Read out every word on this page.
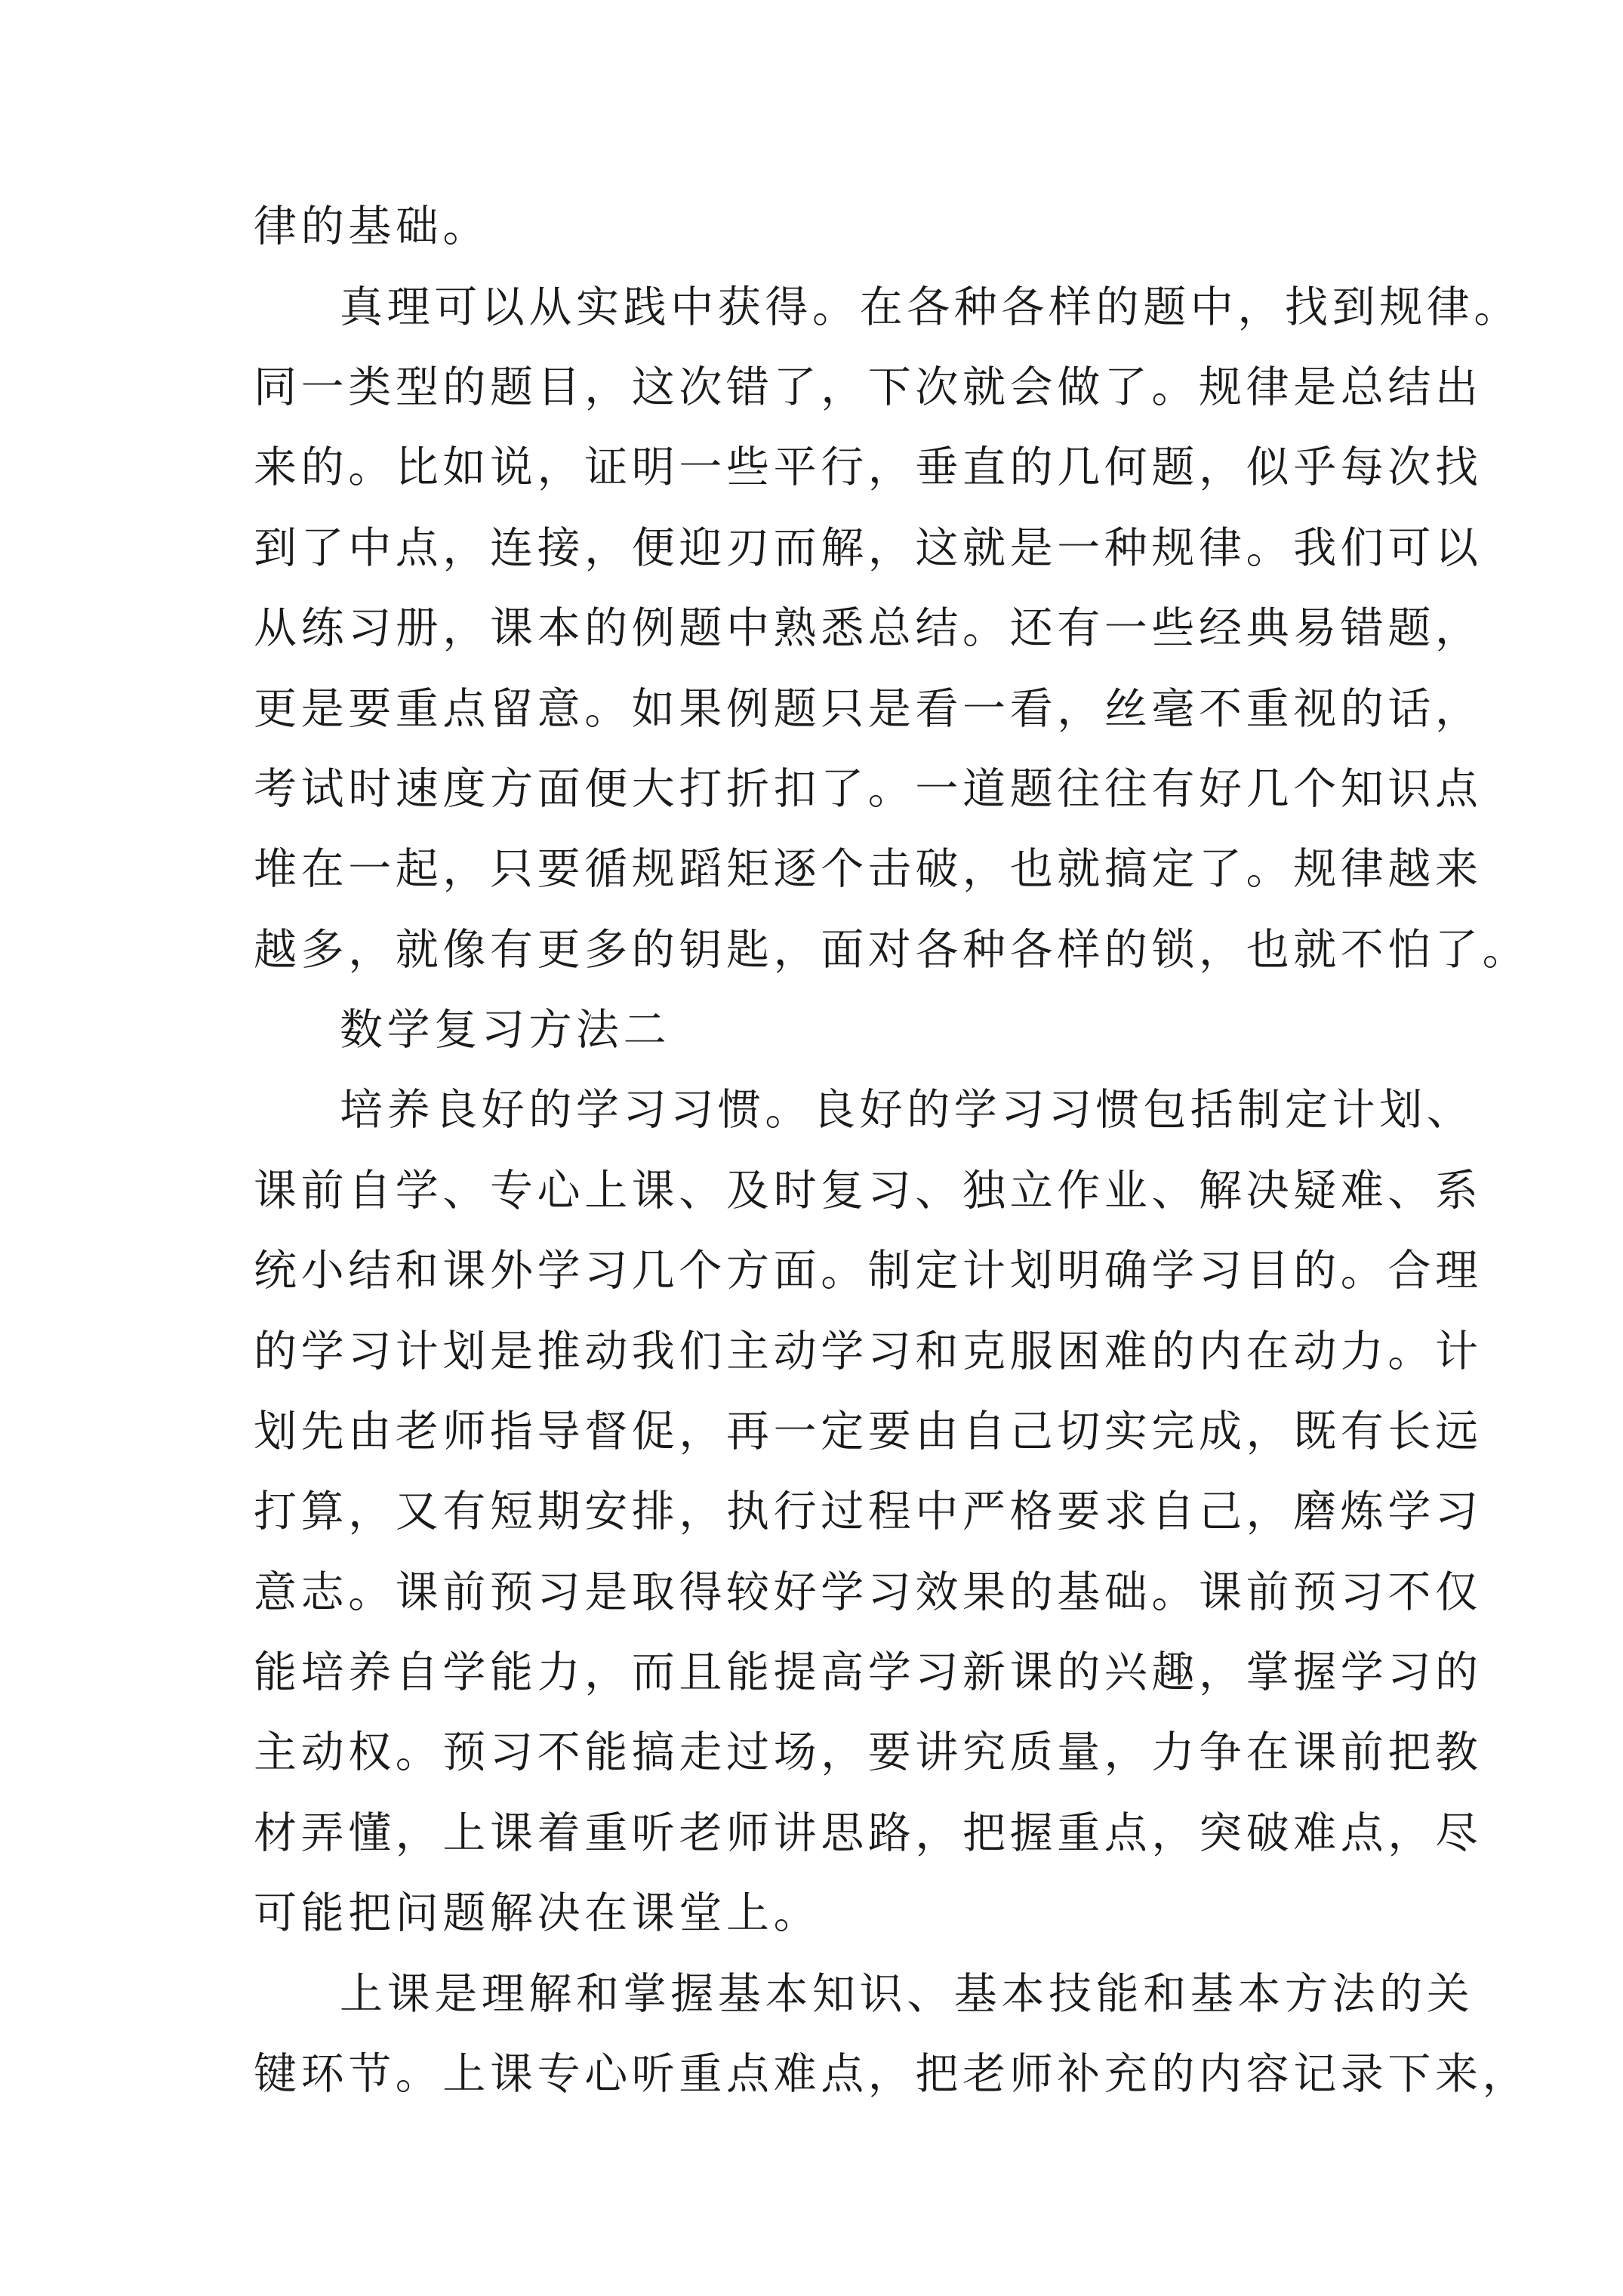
律的基础。
真理可以从实践中获得。在各种各样的题中，找到规律。
同一类型的题目，这次错了，下次就会做了。规律是总结出
来的。比如说，证明一些平行，垂直的几何题，似乎每次找
到了中点，连接，便迎刃而解，这就是一种规律。我们可以
从练习册，课本的例题中熟悉总结。还有一些经典易错题，
更是要重点留意。如果例题只是看一看，丝毫不重视的话，
考试时速度方面便大打折扣了。一道题往往有好几个知识点
堆在一起，只要循规蹈矩逐个击破，也就搞定了。规律越来
越多，就像有更多的钥匙，面对各种各样的锁，也就不怕了。
数学复习方法二
培养良好的学习习惯。良好的学习习惯包括制定计划、
课前自学、专心上课、及时复习、独立作业、解决疑难、系
统小结和课外学习几个方面。制定计划明确学习目的。合理
的学习计划是推动我们主动学习和克服困难的内在动力。计
划先由老师指导督促，再一定要由自己切实完成，既有长远
打算，又有短期安排，执行过程中严格要求自己，磨炼学习
意志。课前预习是取得较好学习效果的基础。课前预习不仅
能培养自学能力，而且能提高学习新课的兴趣，掌握学习的
主动权。预习不能搞走过场，要讲究质量，力争在课前把教
材弄懂，上课着重听老师讲思路，把握重点，突破难点，尽
可能把问题解决在课堂上。
上课是理解和掌握基本知识、基本技能和基本方法的关
键环节。上课专心听重点难点，把老师补充的内容记录下来，
